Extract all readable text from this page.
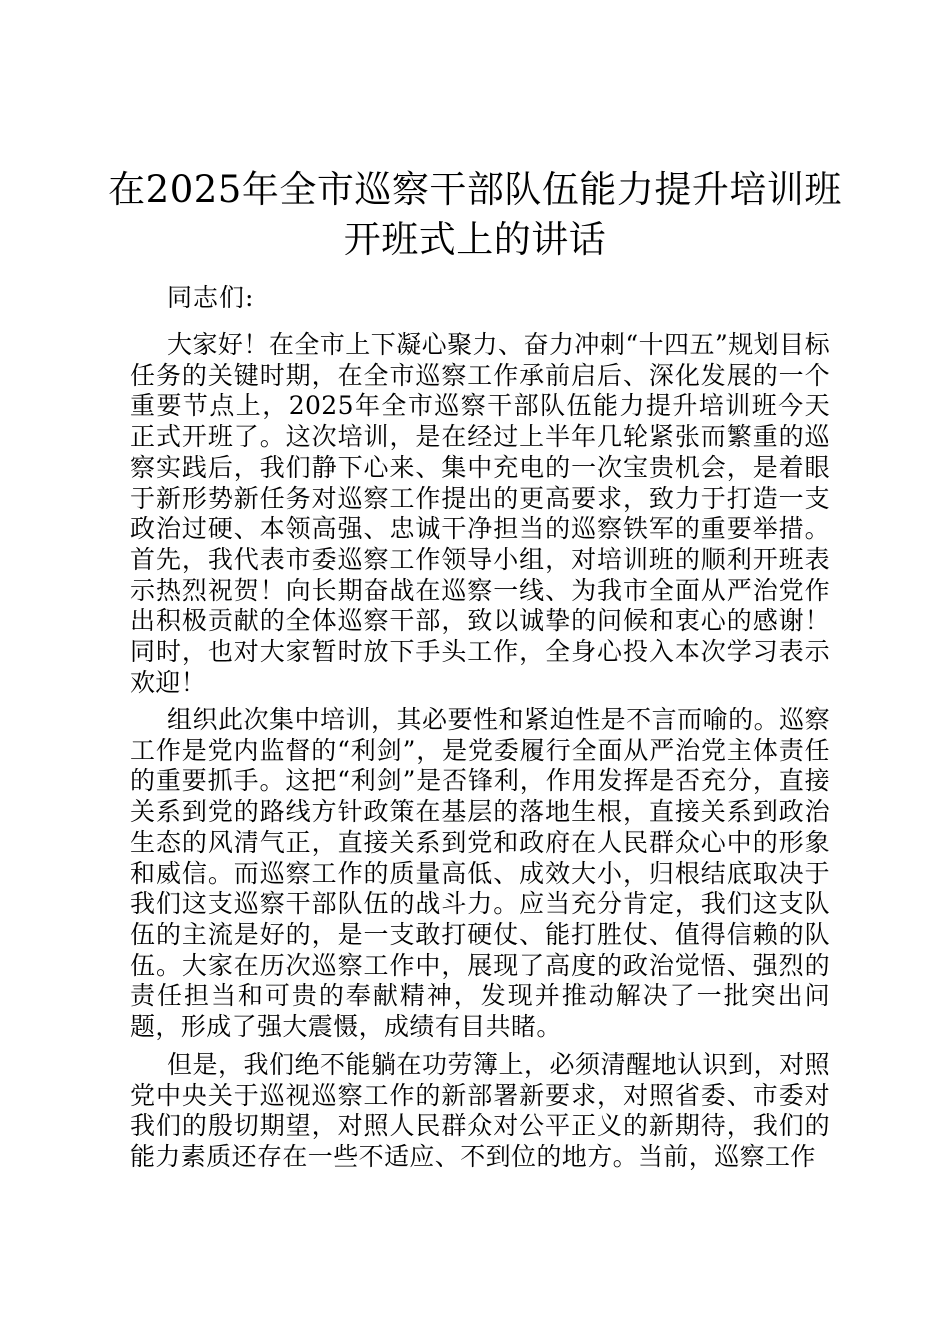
在2025年全市巡察干部队伍能力提升培训班
开班式上的讲话
同志们:

大家好！在全市上下凝心聚力、奋力冲刺“十四五”规划目标任务的关键时期，在全市巡察工作承前启后、深化发展的一个重要节点上，2025年全市巡察干部队伍能力提升培训班今天正式开班了。这次培训，是在经过上半年几轮紧张而繁重的巡察实践后，我们静下心来、集中充电的一次宝贵机会，是着眼于新形势新任务对巡察工作提出的更高要求，致力于打造一支政治过硬、本领高强、忠诚干净担当的巡察铁军的重要举措。首先，我代表市委巡察工作领导小组，对培训班的顺利开班表示热烈祝贺！向长期奋战在巡察一线、为我市全面从严治党作出积极贡献的全体巡察干部，致以诚挚的问候和衷心的感谢！同时，也对大家暂时放下手头工作，全身心投入本次学习表示欢迎！

组织此次集中培训，其必要性和紧迫性是不言而喻的。巡察工作是党内监督的“利剑”，是党委履行全面从严治党主体责任的重要抓手。这把“利剑”是否锋利，作用发挥是否充分，直接关系到党的路线方针政策在基层的落地生根，直接关系到政治生态的风清气正，直接关系到党和政府在人民群众心中的形象和威信。而巡察工作的质量高低、成效大小，归根结底取决于我们这支巡察干部队伍的战斗力。应当充分肯定，我们这支队伍的主流是好的，是一支敢打硬仗、能打胜仗、值得信赖的队伍。大家在历次巡察工作中，展现了高度的政治觉悟、强烈的责任担当和可贵的奉献精神，发现并推动解决了一批突出问题，形成了强大震慑，成绩有目共睹。

但是，我们绝不能躺在功劳簿上，必须清醒地认识到，对照党中央关于巡视巡察工作的新部署新要求，对照省委、市委对我们的殷切期望，对照人民群众对公平正义的新期待，我们的能力素质还存在一些不适应、不到位的地方。当前，巡察工作
